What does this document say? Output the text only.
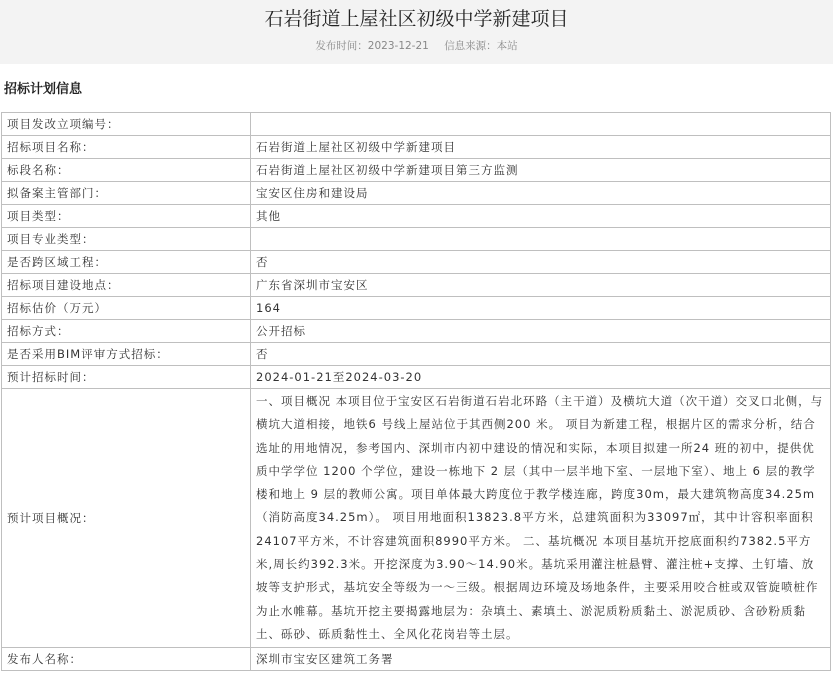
石岩街道上屋社区初级中学新建项目
发布时间：2023-12-21 信息来源：本站
招标计划信息
项目发改立项编号：	
招标项目名称：	石岩街道上屋社区初级中学新建项目
标段名称：	石岩街道上屋社区初级中学新建项目第三方监测
拟备案主管部门：	宝安区住房和建设局
项目类型：	其他
项目专业类型：	
是否跨区域工程：	否
招标项目建设地点：	广东省深圳市宝安区
招标估价（万元）	164
招标方式：	公开招标
是否采用BIM评审方式招标：	否
预计招标时间：	2024-01-21至2024-03-20
预计项目概况：	一、项目概况 本项目位于宝安区石岩街道石岩北环路（主干道）及横坑大道（次干道）交叉口北侧，与横坑大道相接，地铁6 号线上屋站位于其西侧200 米。 项目为新建工程，根据片区的需求分析，结合选址的用地情况，参考国内、深圳市内初中建设的情况和实际，本项目拟建一所24 班的初中，提供优质中学学位 1200 个学位，建设一栋地下 2 层（其中一层半地下室、一层地下室）、地上 6 层的教学楼和地上 9 层的教师公寓。项目单体最大跨度位于教学楼连廊，跨度30m，最大建筑物高度34.25m（消防高度34.25m）。 项目用地面积13823.8平方米，总建筑面积为33097㎡，其中计容积率面积24107平方米，不计容建筑面积8990平方米。 二、基坑概况 本项目基坑开挖底面积约7382.5平方米,周长约392.3米。开挖深度为3.90～14.90米。基坑采用灌注桩悬臂、灌注桩+支撑、土钉墙、放坡等支护形式，基坑安全等级为一～三级。根据周边环境及场地条件，主要采用咬合桩或双管旋喷桩作为止水帷幕。基坑开挖主要揭露地层为：杂填土、素填土、淤泥质粉质黏土、淤泥质砂、含砂粉质黏土、砾砂、砾质黏性土、全风化花岗岩等土层。
发布人名称：	深圳市宝安区建筑工务署
